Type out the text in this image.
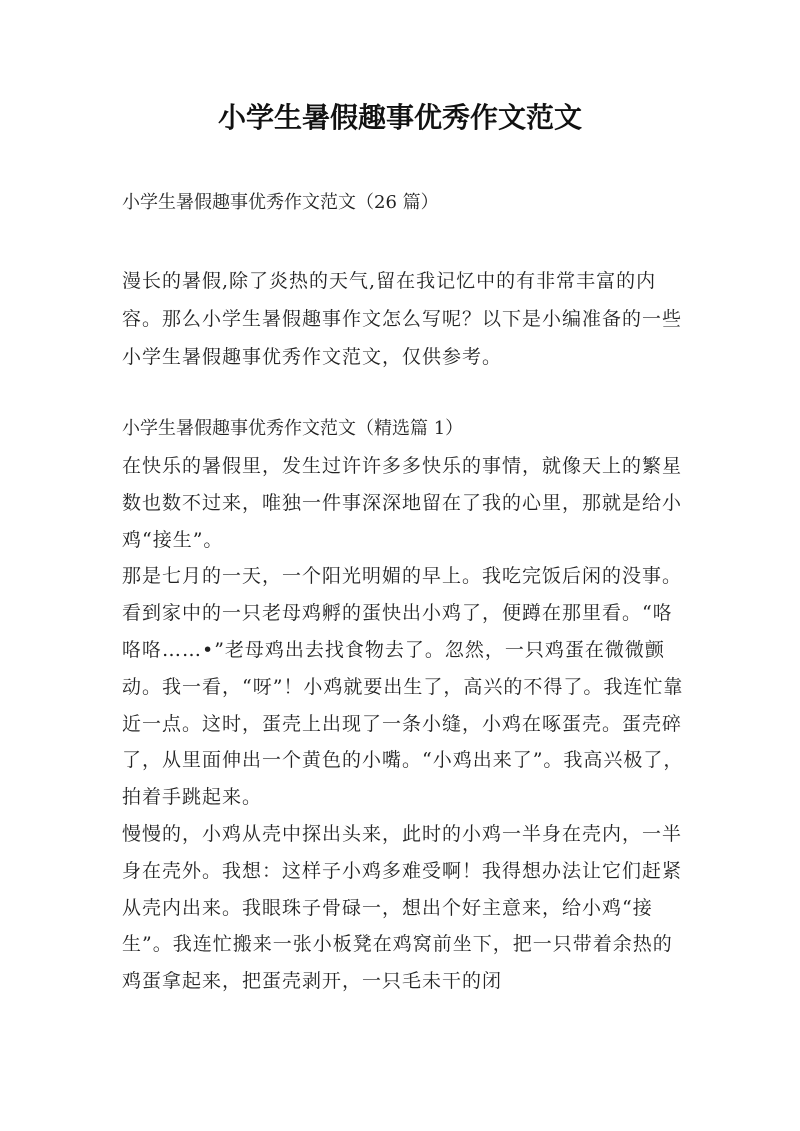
小学生暑假趣事优秀作文范文

小学生暑假趣事优秀作文范文（26 篇）

漫长的暑假,除了炎热的天气,留在我记忆中的有非常丰富的内容。那么小学生暑假趣事作文怎么写呢？以下是小编准备的一些小学生暑假趣事优秀作文范文，仅供参考。

小学生暑假趣事优秀作文范文（精选篇 1）

在快乐的暑假里，发生过许许多多快乐的事情，就像天上的繁星数也数不过来，唯独一件事深深地留在了我的心里，那就是给小鸡“接生”。

那是七月的一天，一个阳光明媚的早上。我吃完饭后闲的没事。看到家中的一只老母鸡孵的蛋快出小鸡了，便蹲在那里看。“咯咯咯……•”老母鸡出去找食物去了。忽然，一只鸡蛋在微微颤动。我一看，“呀”！小鸡就要出生了，高兴的不得了。我连忙靠近一点。这时，蛋壳上出现了一条小缝，小鸡在啄蛋壳。蛋壳碎了，从里面伸出一个黄色的小嘴。“小鸡出来了”。我高兴极了，拍着手跳起来。

慢慢的，小鸡从壳中探出头来，此时的小鸡一半身在壳内，一半身在壳外。我想：这样子小鸡多难受啊！我得想办法让它们赶紧从壳内出来。我眼珠子骨碌一，想出个好主意来，给小鸡“接生”。我连忙搬来一张小板凳在鸡窝前坐下，把一只带着余热的鸡蛋拿起来，把蛋壳剥开，一只毛未干的闭
